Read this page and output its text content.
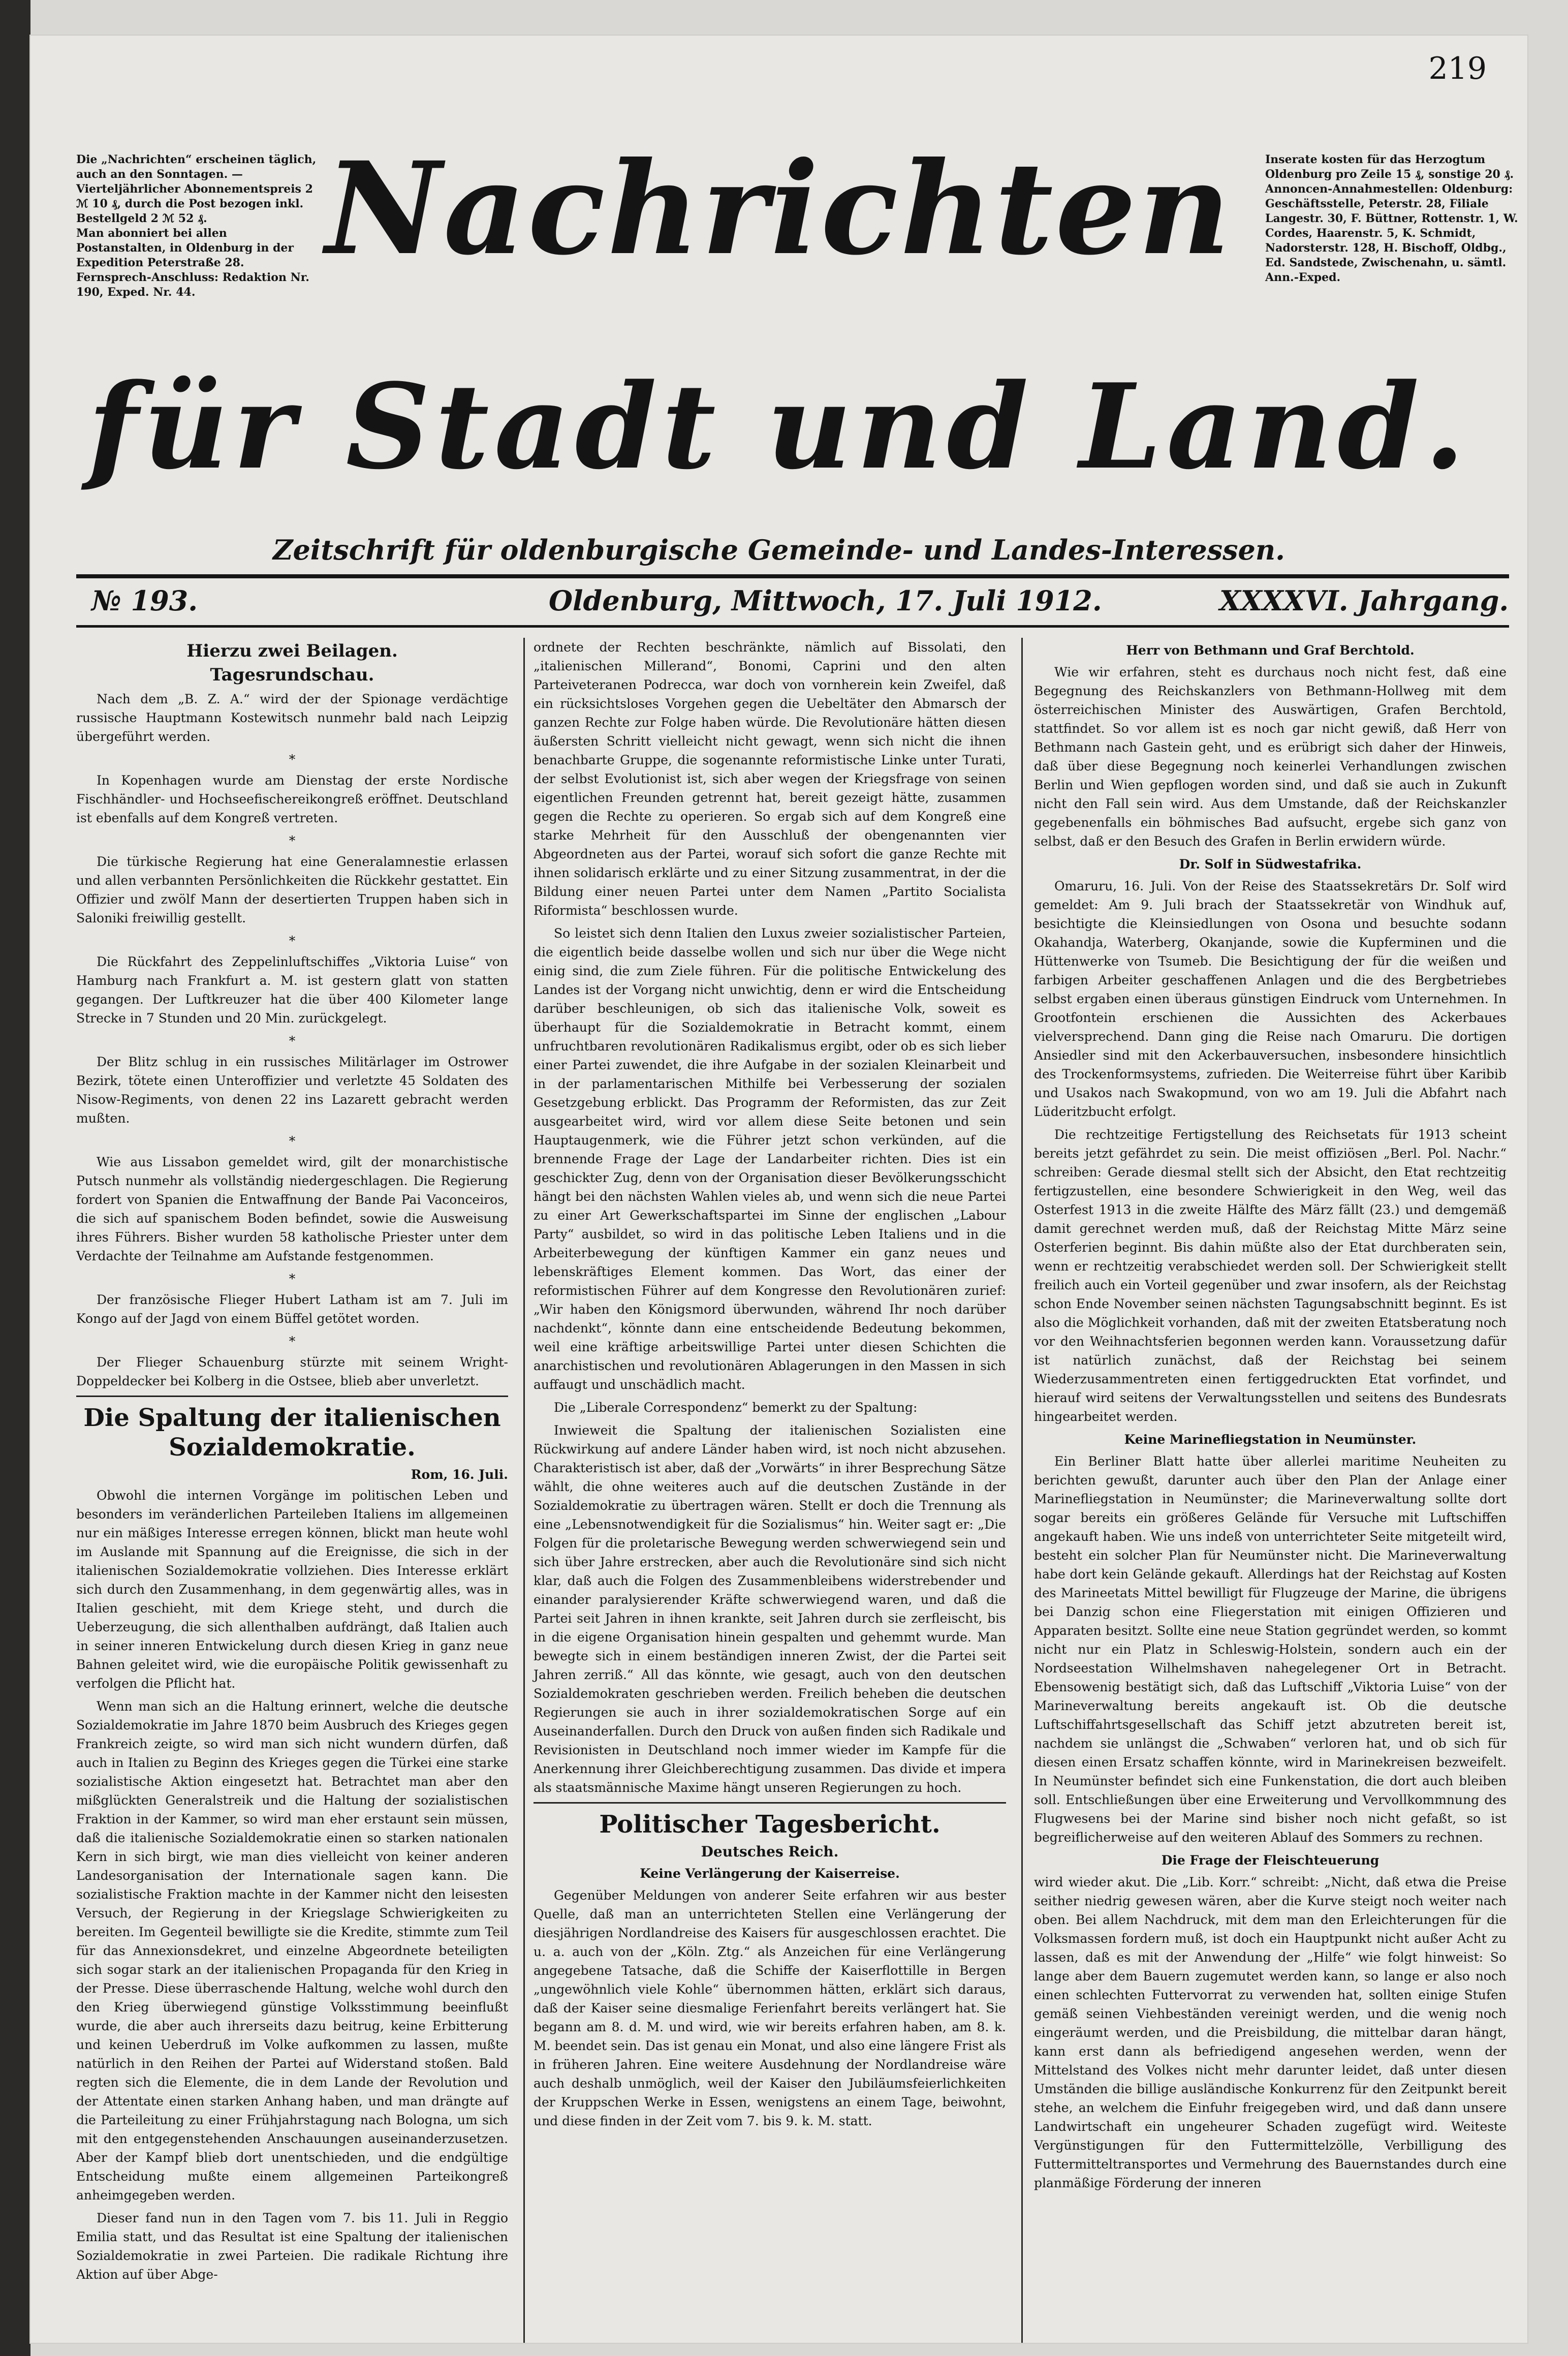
219
Die „Nachrichten“ erscheinen täglich, auch an den Sonntagen. — Vierteljährlicher Abonnementspreis 2 ℳ 10 ₰, durch die Post bezogen inkl. Bestellgeld 2 ℳ 52 ₰.
Man abonniert bei allen Postanstalten, in Oldenburg in der Expedition Peterstraße 28.
Fernsprech-Anschluss: Redaktion Nr. 190, Exped. Nr. 44.
Inserate kosten für das Herzogtum Oldenburg pro Zeile 15 ₰, sonstige 20 ₰.
Annoncen-Annahmestellen: Oldenburg: Geschäftsstelle, Peterstr. 28, Filiale Langestr. 30, F. Büttner, Rottenstr. 1, W. Cordes, Haarenstr. 5, K. Schmidt, Nadorsterstr. 128, H. Bischoff, Oldbg., Ed. Sandstede, Zwischenahn, u. sämtl. Ann.-Exped.
Nachrichten
für Stadt und Land.
Zeitschrift für oldenburgische Gemeinde- und Landes-Interessen.
№ 193.	Oldenburg, Mittwoch, 17. Juli 1912.	XXXXVI. Jahrgang.
Hierzu zwei Beilagen.
Tagesrundschau.

Nach dem „B. Z. A.“ wird der der Spionage verdächtige russische Hauptmann Kostewitsch nunmehr bald nach Leipzig übergeführt werden.

*

In Kopenhagen wurde am Dienstag der erste Nordische Fischhändler- und Hochseefischereikongreß eröffnet. Deutschland ist ebenfalls auf dem Kongreß vertreten.

*

Die türkische Regierung hat eine Generalamnestie erlassen und allen verbannten Persönlichkeiten die Rückkehr gestattet. Ein Offizier und zwölf Mann der desertierten Truppen haben sich in Saloniki freiwillig gestellt.

*

Die Rückfahrt des Zeppelinluftschiffes „Viktoria Luise“ von Hamburg nach Frankfurt a. M. ist gestern glatt von statten gegangen. Der Luftkreuzer hat die über 400 Kilometer lange Strecke in 7 Stunden und 20 Min. zurückgelegt.

*

Der Blitz schlug in ein russisches Militärlager im Ostrower Bezirk, tötete einen Unteroffizier und verletzte 45 Soldaten des Nisow-Regiments, von denen 22 ins Lazarett gebracht werden mußten.

*

Wie aus Lissabon gemeldet wird, gilt der monarchistische Putsch nunmehr als vollständig niedergeschlagen. Die Regierung fordert von Spanien die Entwaffnung der Bande Pai Vaconceiros, die sich auf spanischem Boden befindet, sowie die Ausweisung ihres Führers. Bisher wurden 58 katholische Priester unter dem Verdachte der Teilnahme am Aufstande festgenommen.

*

Der französische Flieger Hubert Latham ist am 7. Juli im Kongo auf der Jagd von einem Büffel getötet worden.

*

Der Flieger Schauenburg stürzte mit seinem Wright-Doppeldecker bei Kolberg in die Ostsee, blieb aber unverletzt.

Die Spaltung der italienischen Sozialdemokratie.
Rom, 16. Juli.

Obwohl die internen Vorgänge im politischen Leben und besonders im veränderlichen Parteileben Italiens im allgemeinen nur ein mäßiges Interesse erregen können, blickt man heute wohl im Auslande mit Spannung auf die Ereignisse, die sich in der italienischen Sozialdemokratie vollziehen. Dies Interesse erklärt sich durch den Zusammenhang, in dem gegenwärtig alles, was in Italien geschieht, mit dem Kriege steht, und durch die Ueberzeugung, die sich allenthalben aufdrängt, daß Italien auch in seiner inneren Entwickelung durch diesen Krieg in ganz neue Bahnen geleitet wird, wie die europäische Politik gewissenhaft zu verfolgen die Pflicht hat.

Wenn man sich an die Haltung erinnert, welche die deutsche Sozialdemokratie im Jahre 1870 beim Ausbruch des Krieges gegen Frankreich zeigte, so wird man sich nicht wundern dürfen, daß auch in Italien zu Beginn des Krieges gegen die Türkei eine starke sozialistische Aktion eingesetzt hat. Betrachtet man aber den mißglückten Generalstreik und die Haltung der sozialistischen Fraktion in der Kammer, so wird man eher erstaunt sein müssen, daß die italienische Sozialdemokratie einen so starken nationalen Kern in sich birgt, wie man dies vielleicht von keiner anderen Landesorganisation der Internationale sagen kann. Die sozialistische Fraktion machte in der Kammer nicht den leisesten Versuch, der Regierung in der Kriegslage Schwierigkeiten zu bereiten. Im Gegenteil bewilligte sie die Kredite, stimmte zum Teil für das Annexionsdekret, und einzelne Abgeordnete beteiligten sich sogar stark an der italienischen Propaganda für den Krieg in der Presse. Diese überraschende Haltung, welche wohl durch den den Krieg überwiegend günstige Volksstimmung beeinflußt wurde, die aber auch ihrerseits dazu beitrug, keine Erbitterung und keinen Ueberdruß im Volke aufkommen zu lassen, mußte natürlich in den Reihen der Partei auf Widerstand stoßen. Bald regten sich die Elemente, die in dem Lande der Revolution und der Attentate einen starken Anhang haben, und man drängte auf die Parteileitung zu einer Frühjahrstagung nach Bologna, um sich mit den entgegenstehenden Anschauungen auseinanderzusetzen. Aber der Kampf blieb dort unentschieden, und die endgültige Entscheidung mußte einem allgemeinen Parteikongreß anheimgegeben werden.

Dieser fand nun in den Tagen vom 7. bis 11. Juli in Reggio Emilia statt, und das Resultat ist eine Spaltung der italienischen Sozialdemokratie in zwei Parteien. Die radikale Richtung ihre Aktion auf über Abge-

ordnete der Rechten beschränkte, nämlich auf Bissolati, den „italienischen Millerand“, Bonomi, Caprini und den alten Parteiveteranen Podrecca, war doch von vornherein kein Zweifel, daß ein rücksichtsloses Vorgehen gegen die Uebeltäter den Abmarsch der ganzen Rechte zur Folge haben würde. Die Revolutionäre hätten diesen äußersten Schritt vielleicht nicht gewagt, wenn sich nicht die ihnen benachbarte Gruppe, die sogenannte reformistische Linke unter Turati, der selbst Evolutionist ist, sich aber wegen der Kriegsfrage von seinen eigentlichen Freunden getrennt hat, bereit gezeigt hätte, zusammen gegen die Rechte zu operieren. So ergab sich auf dem Kongreß eine starke Mehrheit für den Ausschluß der obengenannten vier Abgeordneten aus der Partei, worauf sich sofort die ganze Rechte mit ihnen solidarisch erklärte und zu einer Sitzung zusammentrat, in der die Bildung einer neuen Partei unter dem Namen „Partito Socialista Riformista“ beschlossen wurde.

So leistet sich denn Italien den Luxus zweier sozialistischer Parteien, die eigentlich beide dasselbe wollen und sich nur über die Wege nicht einig sind, die zum Ziele führen. Für die politische Entwickelung des Landes ist der Vorgang nicht unwichtig, denn er wird die Entscheidung darüber beschleunigen, ob sich das italienische Volk, soweit es überhaupt für die Sozialdemokratie in Betracht kommt, einem unfruchtbaren revolutionären Radikalismus ergibt, oder ob es sich lieber einer Partei zuwendet, die ihre Aufgabe in der sozialen Kleinarbeit und in der parlamentarischen Mithilfe bei Verbesserung der sozialen Gesetzgebung erblickt. Das Programm der Reformisten, das zur Zeit ausgearbeitet wird, wird vor allem diese Seite betonen und sein Hauptaugenmerk, wie die Führer jetzt schon verkünden, auf die brennende Frage der Lage der Landarbeiter richten. Dies ist ein geschickter Zug, denn von der Organisation dieser Bevölkerungsschicht hängt bei den nächsten Wahlen vieles ab, und wenn sich die neue Partei zu einer Art Gewerkschaftspartei im Sinne der englischen „Labour Party“ ausbildet, so wird in das politische Leben Italiens und in die Arbeiterbewegung der künftigen Kammer ein ganz neues und lebenskräftiges Element kommen. Das Wort, das einer der reformistischen Führer auf dem Kongresse den Revolutionären zurief: „Wir haben den Königsmord überwunden, während Ihr noch darüber nachdenkt“, könnte dann eine entscheidende Bedeutung bekommen, weil eine kräftige arbeitswillige Partei unter diesen Schichten die anarchistischen und revolutionären Ablagerungen in den Massen in sich auffaugt und unschädlich macht.

Die „Liberale Correspondenz“ bemerkt zu der Spaltung:

Inwieweit die Spaltung der italienischen Sozialisten eine Rückwirkung auf andere Länder haben wird, ist noch nicht abzusehen. Charakteristisch ist aber, daß der „Vorwärts“ in ihrer Besprechung Sätze wählt, die ohne weiteres auch auf die deutschen Zustände in der Sozialdemokratie zu übertragen wären. Stellt er doch die Trennung als eine „Lebensnotwendigkeit für die Sozialismus“ hin. Weiter sagt er: „Die Folgen für die proletarische Bewegung werden schwerwiegend sein und sich über Jahre erstrecken, aber auch die Revolutionäre sind sich nicht klar, daß auch die Folgen des Zusammenbleibens widerstrebender und einander paralysierender Kräfte schwerwiegend waren, und daß die Partei seit Jahren in ihnen krankte, seit Jahren durch sie zerfleischt, bis in die eigene Organisation hinein gespalten und gehemmt wurde. Man bewegte sich in einem beständigen inneren Zwist, der die Partei seit Jahren zerriß.“ All das könnte, wie gesagt, auch von den deutschen Sozialdemokraten geschrieben werden. Freilich beheben die deutschen Regierungen sie auch in ihrer sozialdemokratischen Sorge auf ein Auseinanderfallen. Durch den Druck von außen finden sich Radikale und Revisionisten in Deutschland noch immer wieder im Kampfe für die Anerkennung ihrer Gleichberechtigung zusammen. Das divide et impera als staatsmännische Maxime hängt unseren Regierungen zu hoch.

Politischer Tagesbericht.
Deutsches Reich.
Keine Verlängerung der Kaiserreise.

Gegenüber Meldungen von anderer Seite erfahren wir aus bester Quelle, daß man an unterrichteten Stellen eine Verlängerung der diesjährigen Nordlandreise des Kaisers für ausgeschlossen erachtet. Die u. a. auch von der „Köln. Ztg.“ als Anzeichen für eine Verlängerung angegebene Tatsache, daß die Schiffe der Kaiserflottille in Bergen „ungewöhnlich viele Kohle“ übernommen hätten, erklärt sich daraus, daß der Kaiser seine diesmalige Ferienfahrt bereits verlängert hat. Sie begann am 8. d. M. und wird, wie wir bereits erfahren haben, am 8. k. M. beendet sein. Das ist genau ein Monat, und also eine längere Frist als in früheren Jahren. Eine weitere Ausdehnung der Nordlandreise wäre auch deshalb unmöglich, weil der Kaiser den Jubiläumsfeierlichkeiten der Kruppschen Werke in Essen, wenigstens an einem Tage, beiwohnt, und diese finden in der Zeit vom 7. bis 9. k. M. statt.

Herr von Bethmann und Graf Berchtold.

Wie wir erfahren, steht es durchaus noch nicht fest, daß eine Begegnung des Reichskanzlers von Bethmann-Hollweg mit dem österreichischen Minister des Auswärtigen, Grafen Berchtold, stattfindet. So vor allem ist es noch gar nicht gewiß, daß Herr von Bethmann nach Gastein geht, und es erübrigt sich daher der Hinweis, daß über diese Begegnung noch keinerlei Verhandlungen zwischen Berlin und Wien gepflogen worden sind, und daß sie auch in Zukunft nicht den Fall sein wird. Aus dem Umstande, daß der Reichskanzler gegebenenfalls ein böhmisches Bad aufsucht, ergebe sich ganz von selbst, daß er den Besuch des Grafen in Berlin erwidern würde.

Dr. Solf in Südwestafrika.

Omaruru, 16. Juli. Von der Reise des Staatssekretärs Dr. Solf wird gemeldet: Am 9. Juli brach der Staatssekretär von Windhuk auf, besichtigte die Kleinsiedlungen von Osona und besuchte sodann Okahandja, Waterberg, Okanjande, sowie die Kupferminen und die Hüttenwerke von Tsumeb. Die Besichtigung der für die weißen und farbigen Arbeiter geschaffenen Anlagen und die des Bergbetriebes selbst ergaben einen überaus günstigen Eindruck vom Unternehmen. In Grootfontein erschienen die Aussichten des Ackerbaues vielversprechend. Dann ging die Reise nach Omaruru. Die dortigen Ansiedler sind mit den Ackerbauversuchen, insbesondere hinsichtlich des Trockenformsystems, zufrieden. Die Weiterreise führt über Karibib und Usakos nach Swakopmund, von wo am 19. Juli die Abfahrt nach Lüderitzbucht erfolgt.

Die rechtzeitige Fertigstellung des Reichsetats für 1913 scheint bereits jetzt gefährdet zu sein. Die meist offiziösen „Berl. Pol. Nachr.“ schreiben: Gerade diesmal stellt sich der Absicht, den Etat rechtzeitig fertigzustellen, eine besondere Schwierigkeit in den Weg, weil das Osterfest 1913 in die zweite Hälfte des März fällt (23.) und demgemäß damit gerechnet werden muß, daß der Reichstag Mitte März seine Osterferien beginnt. Bis dahin müßte also der Etat durchberaten sein, wenn er rechtzeitig verabschiedet werden soll. Der Schwierigkeit stellt freilich auch ein Vorteil gegenüber und zwar insofern, als der Reichstag schon Ende November seinen nächsten Tagungsabschnitt beginnt. Es ist also die Möglichkeit vorhanden, daß mit der zweiten Etatsberatung noch vor den Weihnachtsferien begonnen werden kann. Voraussetzung dafür ist natürlich zunächst, daß der Reichstag bei seinem Wiederzusammentreten einen fertiggedruckten Etat vorfindet, und hierauf wird seitens der Verwaltungsstellen und seitens des Bundesrats hingearbeitet werden.

Keine Marinefliegstation in Neumünster.

Ein Berliner Blatt hatte über allerlei maritime Neuheiten zu berichten gewußt, darunter auch über den Plan der Anlage einer Marinefliegstation in Neumünster; die Marineverwaltung sollte dort sogar bereits ein größeres Gelände für Versuche mit Luftschiffen angekauft haben. Wie uns indeß von unterrichteter Seite mitgeteilt wird, besteht ein solcher Plan für Neumünster nicht. Die Marineverwaltung habe dort kein Gelände gekauft. Allerdings hat der Reichstag auf Kosten des Marineetats Mittel bewilligt für Flugzeuge der Marine, die übrigens bei Danzig schon eine Fliegerstation mit einigen Offizieren und Apparaten besitzt. Sollte eine neue Station gegründet werden, so kommt nicht nur ein Platz in Schleswig-Holstein, sondern auch ein der Nordseestation Wilhelmshaven nahegelegener Ort in Betracht. Ebensowenig bestätigt sich, daß das Luftschiff „Viktoria Luise“ von der Marineverwaltung bereits angekauft ist. Ob die deutsche Luftschiffahrtsgesellschaft das Schiff jetzt abzutreten bereit ist, nachdem sie unlängst die „Schwaben“ verloren hat, und ob sich für diesen einen Ersatz schaffen könnte, wird in Marinekreisen bezweifelt. In Neumünster befindet sich eine Funkenstation, die dort auch bleiben soll. Entschließungen über eine Erweiterung und Vervollkommnung des Flugwesens bei der Marine sind bisher noch nicht gefaßt, so ist begreiflicherweise auf den weiteren Ablauf des Sommers zu rechnen.

Die Frage der Fleischteuerung

wird wieder akut. Die „Lib. Korr.“ schreibt: „Nicht, daß etwa die Preise seither niedrig gewesen wären, aber die Kurve steigt noch weiter nach oben. Bei allem Nachdruck, mit dem man den Erleichterungen für die Volksmassen fordern muß, ist doch ein Hauptpunkt nicht außer Acht zu lassen, daß es mit der Anwendung der „Hilfe“ wie folgt hinweist: So lange aber dem Bauern zugemutet werden kann, so lange er also noch einen schlechten Futtervorrat zu verwenden hat, sollten einige Stufen gemäß seinen Viehbeständen vereinigt werden, und die wenig noch eingeräumt werden, und die Preisbildung, die mittelbar daran hängt, kann erst dann als befriedigend angesehen werden, wenn der Mittelstand des Volkes nicht mehr darunter leidet, daß unter diesen Umständen die billige ausländische Konkurrenz für den Zeitpunkt bereit stehe, an welchem die Einfuhr freigegeben wird, und daß dann unsere Landwirtschaft ein ungeheurer Schaden zugefügt wird. Weiteste Vergünstigungen für den Futtermittelzölle, Verbilligung des Futtermitteltransportes und Vermehrung des Bauernstandes durch eine planmäßige Förderung der inneren
